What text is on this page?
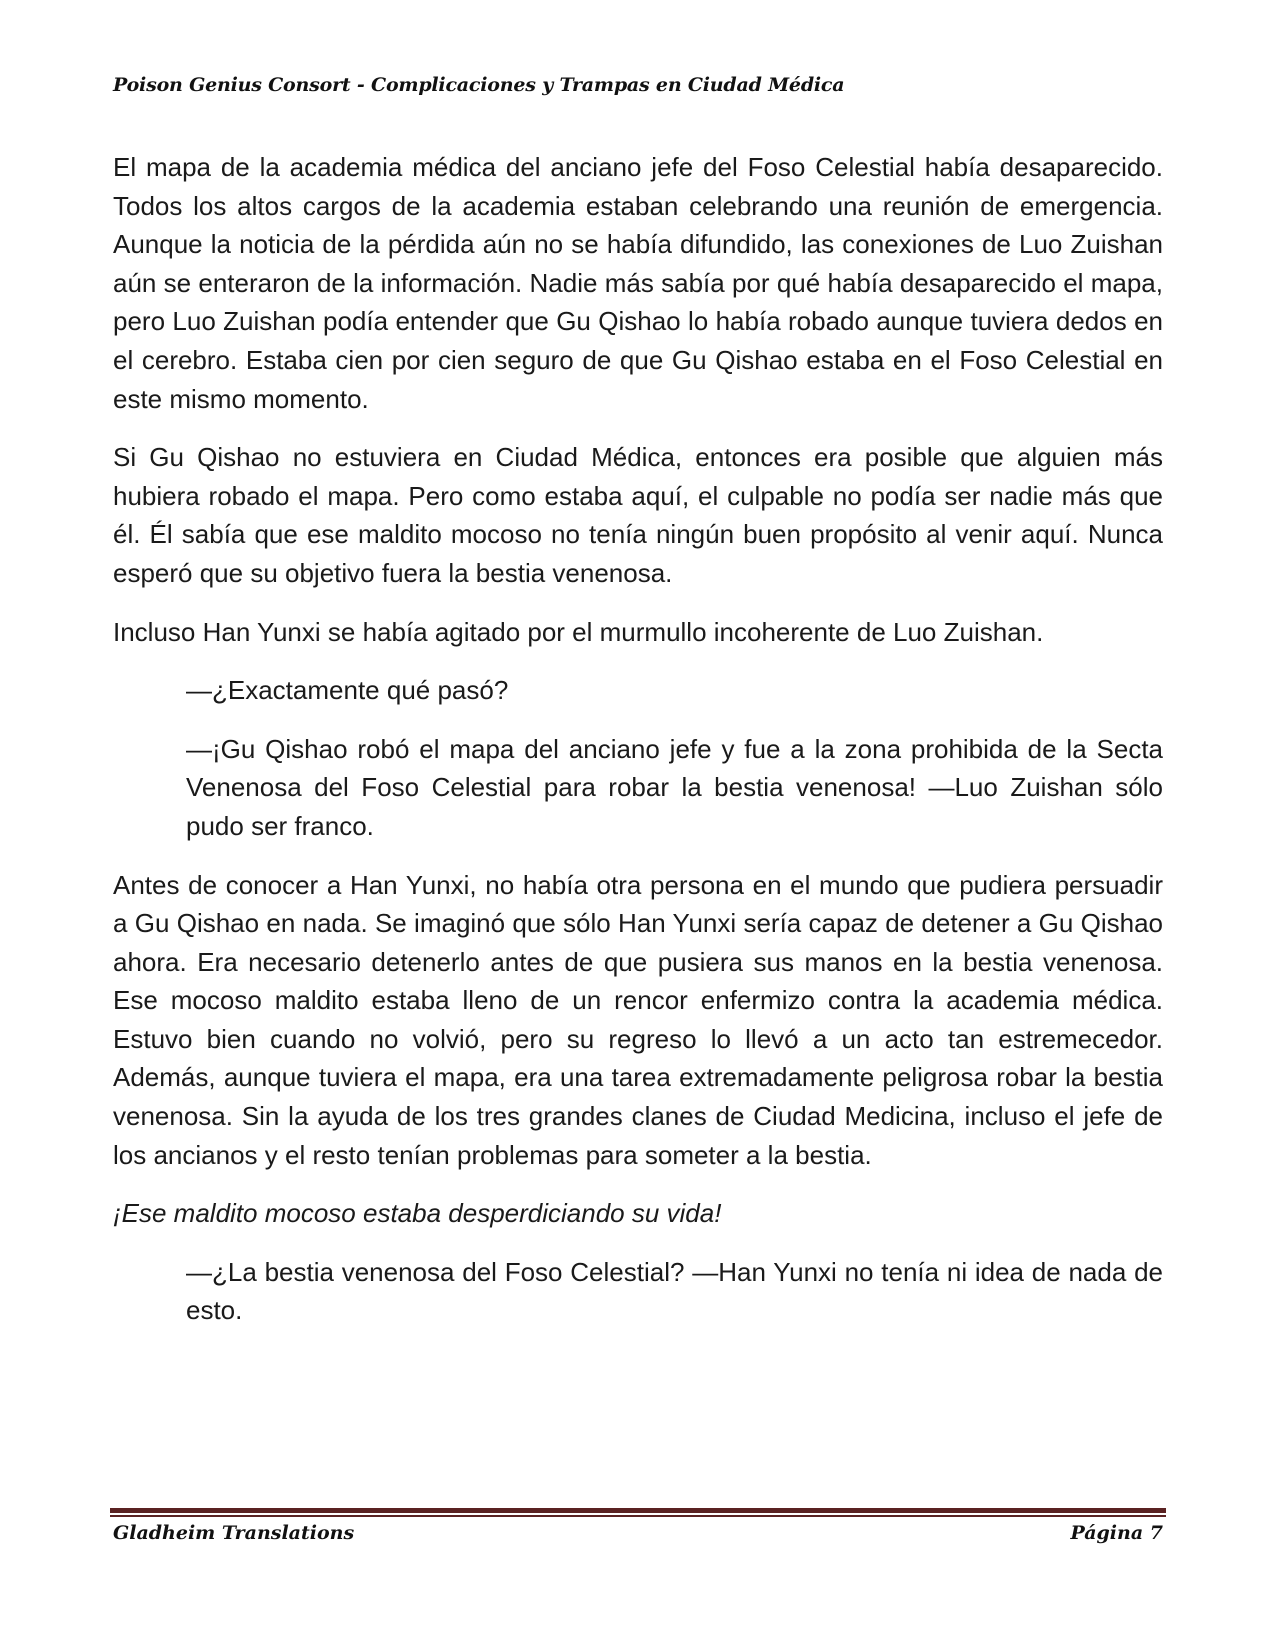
Poison Genius Consort - Complicaciones y Trampas en Ciudad Médica

El mapa de la academia médica del anciano jefe del Foso Celestial había desaparecido. Todos los altos cargos de la academia estaban celebrando una reunión de emergencia. Aunque la noticia de la pérdida aún no se había difundido, las conexiones de Luo Zuishan aún se enteraron de la información. Nadie más sabía por qué había desaparecido el mapa, pero Luo Zuishan podía entender que Gu Qishao lo había robado aunque tuviera dedos en el cerebro. Estaba cien por cien seguro de que Gu Qishao estaba en el Foso Celestial en este mismo momento.

Si Gu Qishao no estuviera en Ciudad Médica, entonces era posible que alguien más hubiera robado el mapa. Pero como estaba aquí, el culpable no podía ser nadie más que él. Él sabía que ese maldito mocoso no tenía ningún buen propósito al venir aquí. Nunca esperó que su objetivo fuera la bestia venenosa.

Incluso Han Yunxi se había agitado por el murmullo incoherente de Luo Zuishan.

—¿Exactamente qué pasó?

—¡Gu Qishao robó el mapa del anciano jefe y fue a la zona prohibida de la Secta Venenosa del Foso Celestial para robar la bestia venenosa! —Luo Zuishan sólo pudo ser franco.

Antes de conocer a Han Yunxi, no había otra persona en el mundo que pudiera persuadir a Gu Qishao en nada. Se imaginó que sólo Han Yunxi sería capaz de detener a Gu Qishao ahora. Era necesario detenerlo antes de que pusiera sus manos en la bestia venenosa. Ese mocoso maldito estaba lleno de un rencor enfermizo contra la academia médica. Estuvo bien cuando no volvió, pero su regreso lo llevó a un acto tan estremecedor. Además, aunque tuviera el mapa, era una tarea extremadamente peligrosa robar la bestia venenosa. Sin la ayuda de los tres grandes clanes de Ciudad Medicina, incluso el jefe de los ancianos y el resto tenían problemas para someter a la bestia.

¡Ese maldito mocoso estaba desperdiciando su vida!

—¿La bestia venenosa del Foso Celestial? —Han Yunxi no tenía ni idea de nada de esto.

Gladheim Translations	Página 7
